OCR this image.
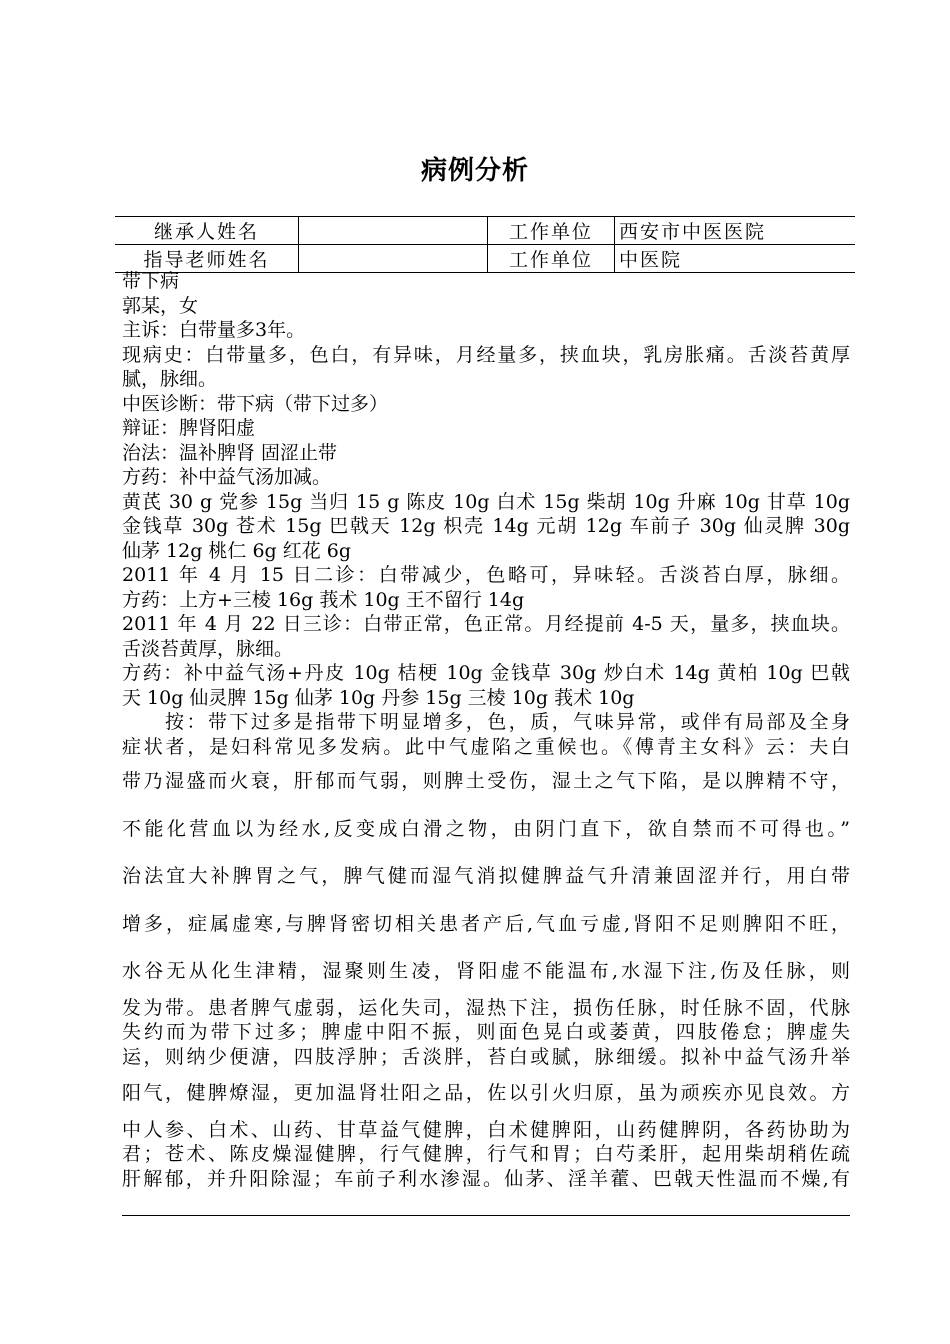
病例分析
继承人姓名		工作单位	西安市中医医院
指导老师姓名		工作单位	中医院
带下病
郭某，女
主诉：白带量多3年。
现病史：白带量多，色白，有异味，月经量多，挟血块，乳房胀痛。舌淡苔黄厚
腻，脉细。
中医诊断：带下病（带下过多）
辩证：脾肾阳虚
治法：温补脾肾 固涩止带
方药：补中益气汤加减。
黄芪 30 g 党参 15g 当归 15 g 陈皮 10g 白术 15g 柴胡 10g 升麻 10g 甘草 10g
金钱草 30g 苍术 15g 巴戟天 12g 枳壳 14g 元胡 12g 车前子 30g 仙灵脾 30g
仙茅 12g 桃仁 6g 红花 6g
2011 年 4 月 15 日二诊：白带减少，色略可，异味轻。舌淡苔白厚，脉细。
方药：上方+三棱 16g 莪术 10g 王不留行 14g
2011 年 4 月 22 日三诊：白带正常，色正常。月经提前 4-5 天，量多，挟血块。
舌淡苔黄厚，脉细。
方药：补中益气汤+丹皮 10g 桔梗 10g 金钱草 30g 炒白术 14g 黄柏 10g 巴戟
天 10g 仙灵脾 15g 仙茅 10g 丹参 15g 三棱 10g 莪术 10g
　　按：带下过多是指带下明显增多，色，质，气味异常，或伴有局部及全身
症状者，是妇科常见多发病。此中气虚陷之重候也。《傅青主女科》云：夫白
带乃湿盛而火衰，肝郁而气弱，则脾土受伤，湿土之气下陷，是以脾精不守，
不能化营血以为经水,反变成白滑之物，由阴门直下，欲自禁而不可得也。”
治法宜大补脾胃之气，脾气健而湿气消拟健脾益气升清兼固涩并行，用白带
增多，症属虚寒,与脾肾密切相关患者产后,气血亏虚,肾阳不足则脾阳不旺，
水谷无从化生津精，湿聚则生凌，肾阳虚不能温布,水湿下注,伤及任脉，则
发为带。患者脾气虚弱，运化失司，湿热下注，损伤任脉，时任脉不固，代脉
失约而为带下过多；脾虚中阳不振，则面色晃白或萎黄，四肢倦怠；脾虚失
运，则纳少便溏，四肢浮肿；舌淡胖，苔白或腻，脉细缓。拟补中益气汤升举
阳气，健脾燎湿，更加温肾壮阳之品，佐以引火归原，虽为顽疾亦见良效。方
中人参、白术、山药、甘草益气健脾，白术健脾阳，山药健脾阴，各药协助为
君；苍术、陈皮燥湿健脾，行气健脾，行气和胃；白芍柔肝，起用柴胡稍佐疏
肝解郁，并升阳除湿；车前子利水渗湿。仙茅、淫羊藿、巴戟天性温而不燥,有
